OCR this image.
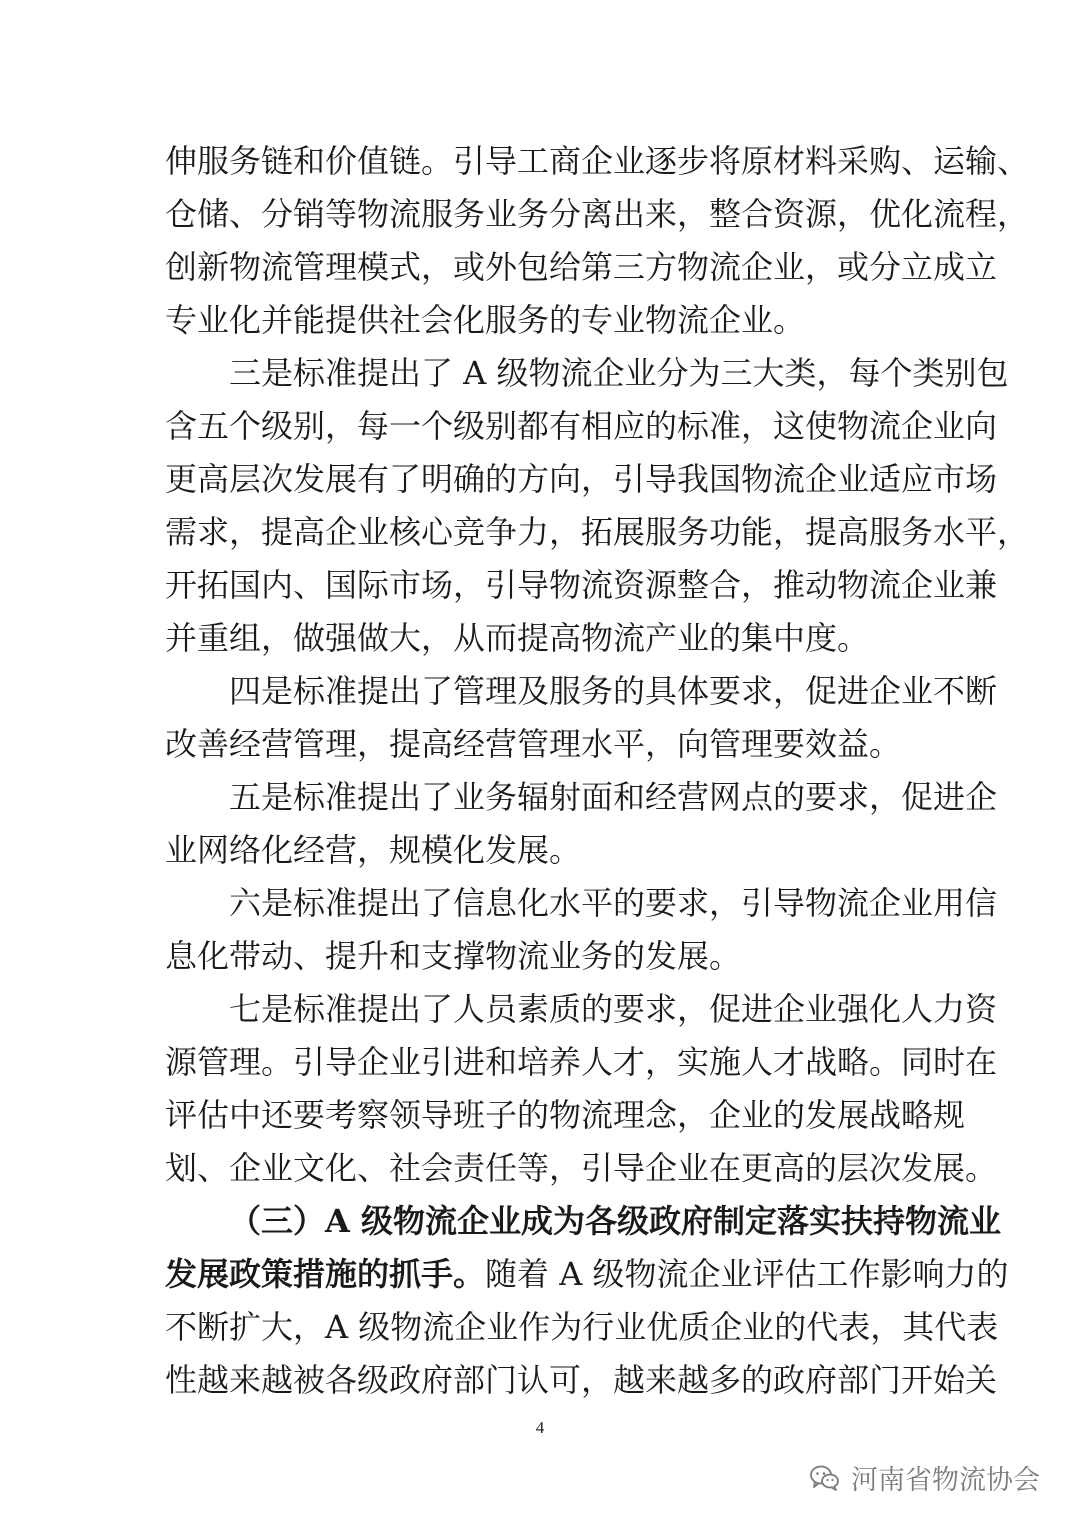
伸服务链和价值链。引导工商企业逐步将原材料采购、运输、
仓储、分销等物流服务业务分离出来，整合资源，优化流程，
创新物流管理模式，或外包给第三方物流企业，或分立成立
专业化并能提供社会化服务的专业物流企业。
三是标准提出了 A 级物流企业分为三大类，每个类别包
含五个级别，每一个级别都有相应的标准，这使物流企业向
更高层次发展有了明确的方向，引导我国物流企业适应市场
需求，提高企业核心竞争力，拓展服务功能，提高服务水平，
开拓国内、国际市场，引导物流资源整合，推动物流企业兼
并重组，做强做大，从而提高物流产业的集中度。
四是标准提出了管理及服务的具体要求，促进企业不断
改善经营管理，提高经营管理水平，向管理要效益。
五是标准提出了业务辐射面和经营网点的要求，促进企
业网络化经营，规模化发展。
六是标准提出了信息化水平的要求，引导物流企业用信
息化带动、提升和支撑物流业务的发展。
七是标准提出了人员素质的要求，促进企业强化人力资
源管理。引导企业引进和培养人才，实施人才战略。同时在
评估中还要考察领导班子的物流理念，企业的发展战略规
划、企业文化、社会责任等，引导企业在更高的层次发展。
（三）A 级物流企业成为各级政府制定落实扶持物流业
发展政策措施的抓手。随着 A 级物流企业评估工作影响力的
不断扩大，A 级物流企业作为行业优质企业的代表，其代表
性越来越被各级政府部门认可，越来越多的政府部门开始关
4
河南省物流协会
